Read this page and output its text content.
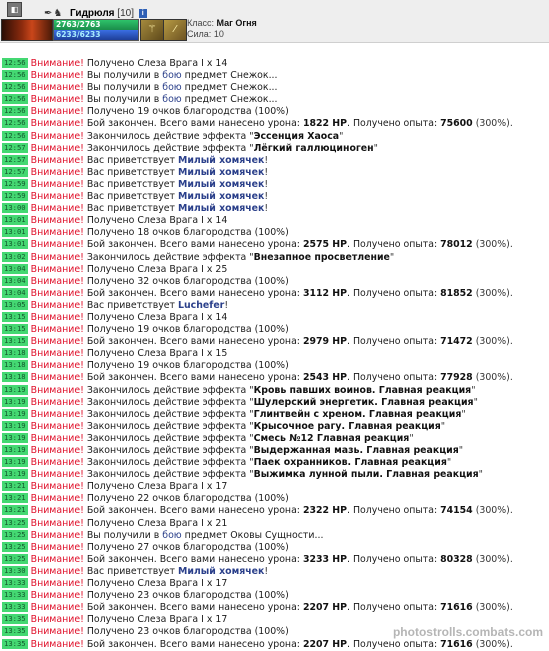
◧	✒♞ Гидрюля [10] i
2763/2763
6233/6233	⚚	⁄
Класс: Маг Огня
Сила: 10
12:56 Внимание! Получено Слеза Врага I x 14
12:56 Внимание! Вы получили в бою предмет Снежок...
12:56 Внимание! Вы получили в бою предмет Снежок...
12:56 Внимание! Вы получили в бою предмет Снежок...
12:56 Внимание! Получено 19 очков благородства (100%)
12:56 Внимание! Бой закончен. Всего вами нанесено урона: 1822 HP. Получено опыта: 75600 (300%).
12:56 Внимание! Закончилось действие эффекта "Эссенция Хаоса"
12:57 Внимание! Закончилось действие эффекта "Лёгкий галлюциноген"
12:57 Внимание! Вас приветствует Милый хомячек!
12:57 Внимание! Вас приветствует Милый хомячек!
12:59 Внимание! Вас приветствует Милый хомячек!
12:59 Внимание! Вас приветствует Милый хомячек!
13:00 Внимание! Вас приветствует Милый хомячек!
13:01 Внимание! Получено Слеза Врага I x 14
13:01 Внимание! Получено 18 очков благородства (100%)
13:01 Внимание! Бой закончен. Всего вами нанесено урона: 2575 HP. Получено опыта: 78012 (300%).
13:02 Внимание! Закончилось действие эффекта "Внезапное просветление"
13:04 Внимание! Получено Слеза Врага I x 25
13:04 Внимание! Получено 32 очков благородства (100%)
13:04 Внимание! Бой закончен. Всего вами нанесено урона: 3112 HP. Получено опыта: 81852 (300%).
13:05 Внимание! Вас приветствует Luchefer!
13:15 Внимание! Получено Слеза Врага I x 14
13:15 Внимание! Получено 19 очков благородства (100%)
13:15 Внимание! Бой закончен. Всего вами нанесено урона: 2979 HP. Получено опыта: 71472 (300%).
13:18 Внимание! Получено Слеза Врага I x 15
13:18 Внимание! Получено 19 очков благородства (100%)
13:18 Внимание! Бой закончен. Всего вами нанесено урона: 2543 HP. Получено опыта: 77928 (300%).
13:19 Внимание! Закончилось действие эффекта "Кровь павших воинов. Главная реакция"
13:19 Внимание! Закончилось действие эффекта "Шулерский энергетик. Главная реакция"
13:19 Внимание! Закончилось действие эффекта "Глинтвейн с хреном. Главная реакция"
13:19 Внимание! Закончилось действие эффекта "Крысочное рагу. Главная реакция"
13:19 Внимание! Закончилось действие эффекта "Смесь №12 Главная реакция"
13:19 Внимание! Закончилось действие эффекта "Выдержанная мазь. Главная реакция"
13:19 Внимание! Закончилось действие эффекта "Паек охранников. Главная реакция"
13:19 Внимание! Закончилось действие эффекта "Выжимка лунной пыли. Главная реакция"
13:21 Внимание! Получено Слеза Врага I x 17
13:21 Внимание! Получено 22 очков благородства (100%)
13:21 Внимание! Бой закончен. Всего вами нанесено урона: 2322 HP. Получено опыта: 74154 (300%).
13:25 Внимание! Получено Слеза Врага I x 21
13:25 Внимание! Вы получили в бою предмет Оковы Сущности...
13:25 Внимание! Получено 27 очков благородства (100%)
13:25 Внимание! Бой закончен. Всего вами нанесено урона: 3233 HP. Получено опыта: 80328 (300%).
13:30 Внимание! Вас приветствует Милый хомячек!
13:33 Внимание! Получено Слеза Врага I x 17
13:33 Внимание! Получено 23 очков благородства (100%)
13:33 Внимание! Бой закончен. Всего вами нанесено урона: 2207 HP. Получено опыта: 71616 (300%).
13:35 Внимание! Получено Слеза Врага I x 17
13:35 Внимание! Получено 23 очков благородства (100%)
13:35 Внимание! Бой закончен. Всего вами нанесено урона: 2207 HP. Получено опыта: 71616 (300%).
photostrolls.combats.com
